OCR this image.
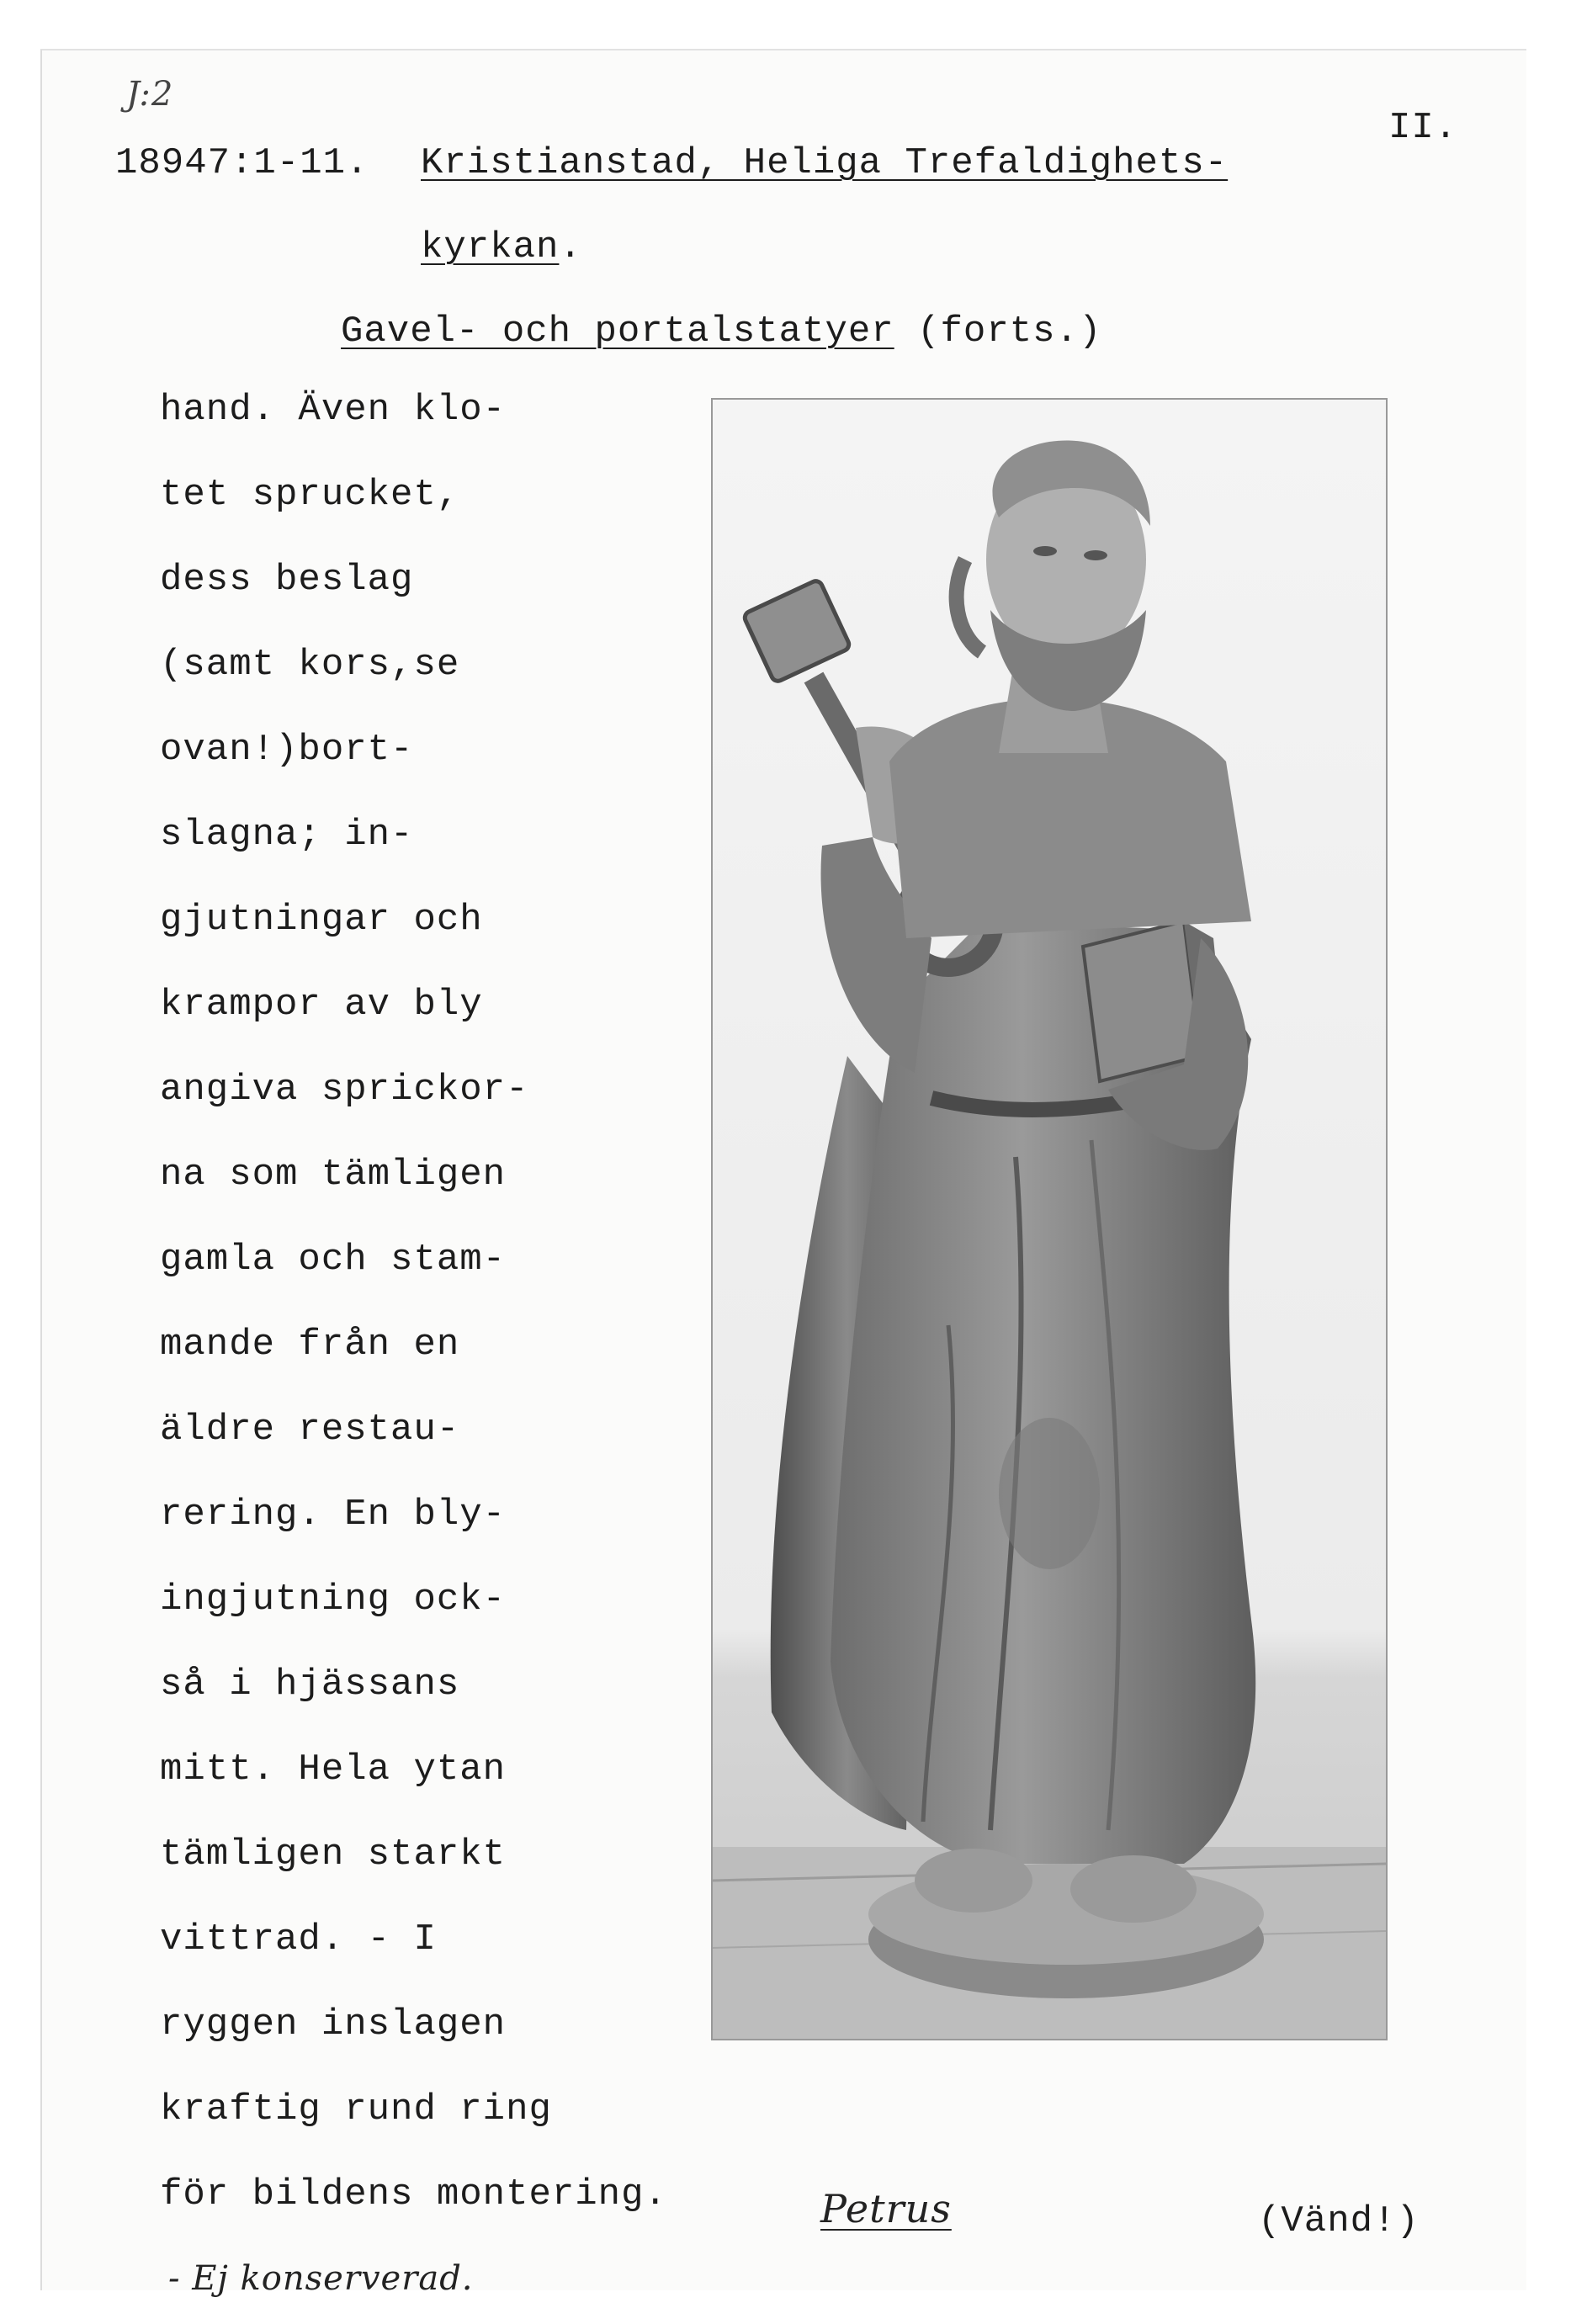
J:2
II.
18947:1-11. Kristianstad, Heliga Trefaldighets-
kyrkan.
Gavel- och portalstatyer (forts.)
hand. Även klo-
tet sprucket,
dess beslag
(samt kors,se
ovan!)bort-
slagna; in-
gjutningar och
krampor av bly
angiva sprickor-
na som tämligen
gamla och stam-
mande från en
äldre restau-
rering. En bly-
ingjutning ock-
så i hjässans
mitt. Hela ytan
tämligen starkt
vittrad. - I
ryggen inslagen
kraftig rund ring
för bildens montering.	Petrus	(Vänd!)
- Ej konserverad.
